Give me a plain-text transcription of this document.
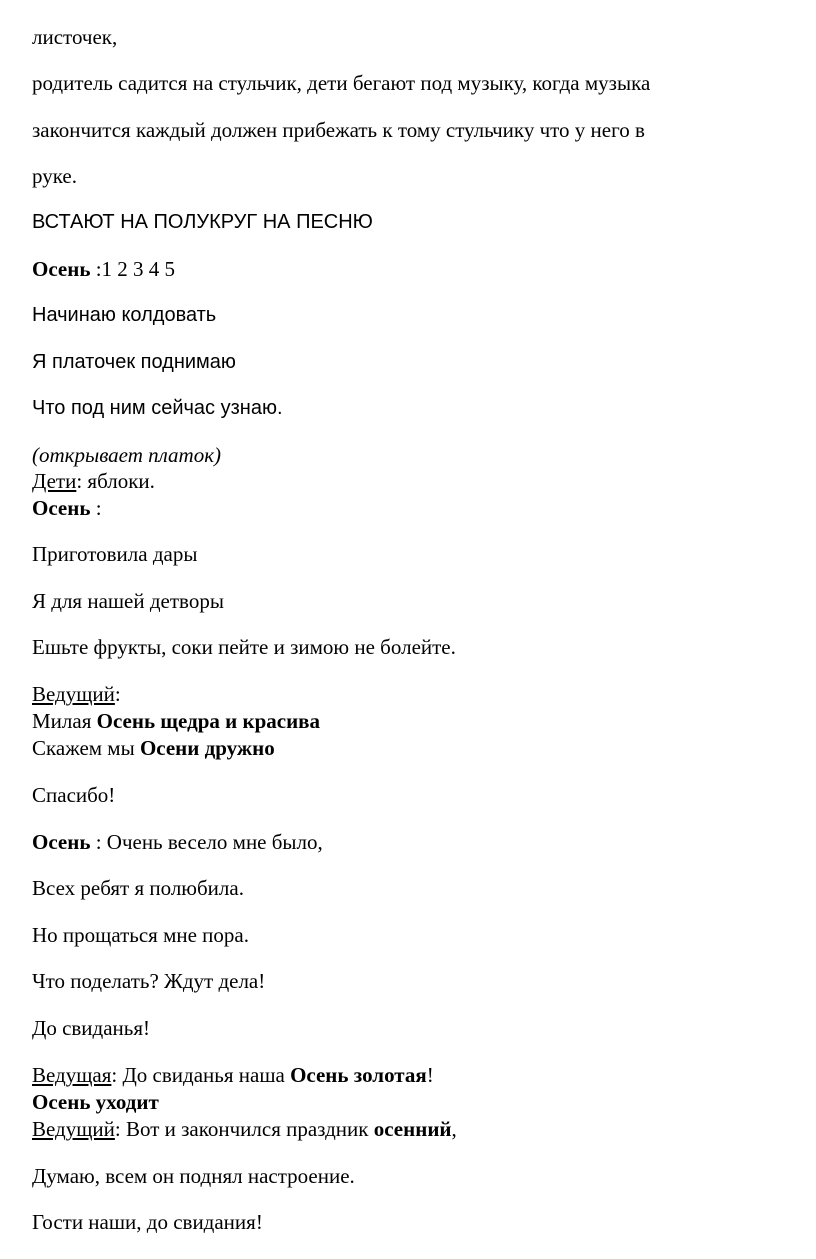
листочек,

родитель садится на стульчик, дети бегают под музыку, когда музыка

закончится каждый должен прибежать к тому стульчику что у него в

руке.

ВСТАЮТ НА ПОЛУКРУГ НА ПЕСНЮ

Осень :1 2 3 4 5

Начинаю колдовать

Я платочек поднимаю

Что под ним сейчас узнаю.

(открывает платок)

Дети: яблоки.

Осень :

Приготовила дары

Я для нашей детворы

Ешьте фрукты, соки пейте и зимою не болейте.

Ведущий:

Милая Осень щедра и красива

Скажем мы Осени дружно

Спасибо!

Осень : Очень весело мне было,

Всех ребят я полюбила.

Но прощаться мне пора.

Что поделать? Ждут дела!

До свиданья!

Ведущая: До свиданья наша Осень золотая!

Осень уходит

Ведущий: Вот и закончился праздник осенний,

Думаю, всем он поднял настроение.

Гости наши, до свидания!
